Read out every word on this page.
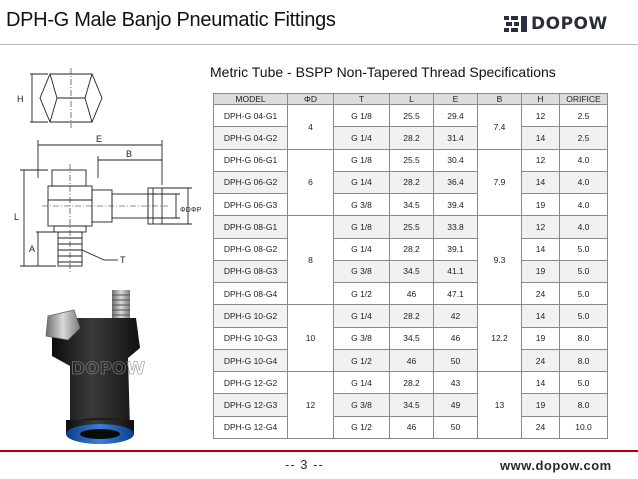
DPH-G Male Banjo Pneumatic Fittings	DOPOW
Metric Tube - BSPP Non-Tapered Thread Specifications
H
E
B
L
A
T
ΦD ΦP
DOPOW
MODEL	ΦD	T	L	E	B	H	ORIFICE
DPH-G 04-G1	4	G 1/8	25.5	29.4	7.4	12	2.5
DPH-G 04-G2		G 1/4	28.2	31.4		14	2.5
DPH-G 06-G1	6	G 1/8	25.5	30.4	7.9	12	4.0
DPH-G 06-G2		G 1/4	28.2	36.4		14	4.0
DPH-G 06-G3		G 3/8	34.5	39.4		19	4.0
DPH-G 08-G1	8	G 1/8	25.5	33.8	9.3	12	4.0
DPH-G 08-G2		G 1/4	28.2	39.1		14	5.0
DPH-G 08-G3		G 3/8	34.5	41.1		19	5.0
DPH-G 08-G4		G 1/2	46	47.1		24	5.0
DPH-G 10-G2	10	G 1/4	28.2	42	12.2	14	5.0
DPH-G 10-G3		G 3/8	34.5	46		19	8.0
DPH-G 10-G4		G 1/2	46	50		24	8.0
DPH-G 12-G2	12	G 1/4	28.2	43	13	14	5.0
DPH-G 12-G3		G 3/8	34.5	49		19	8.0
DPH-G 12-G4		G 1/2	46	50		24	10.0
-- 3 --	www.dopow.com
